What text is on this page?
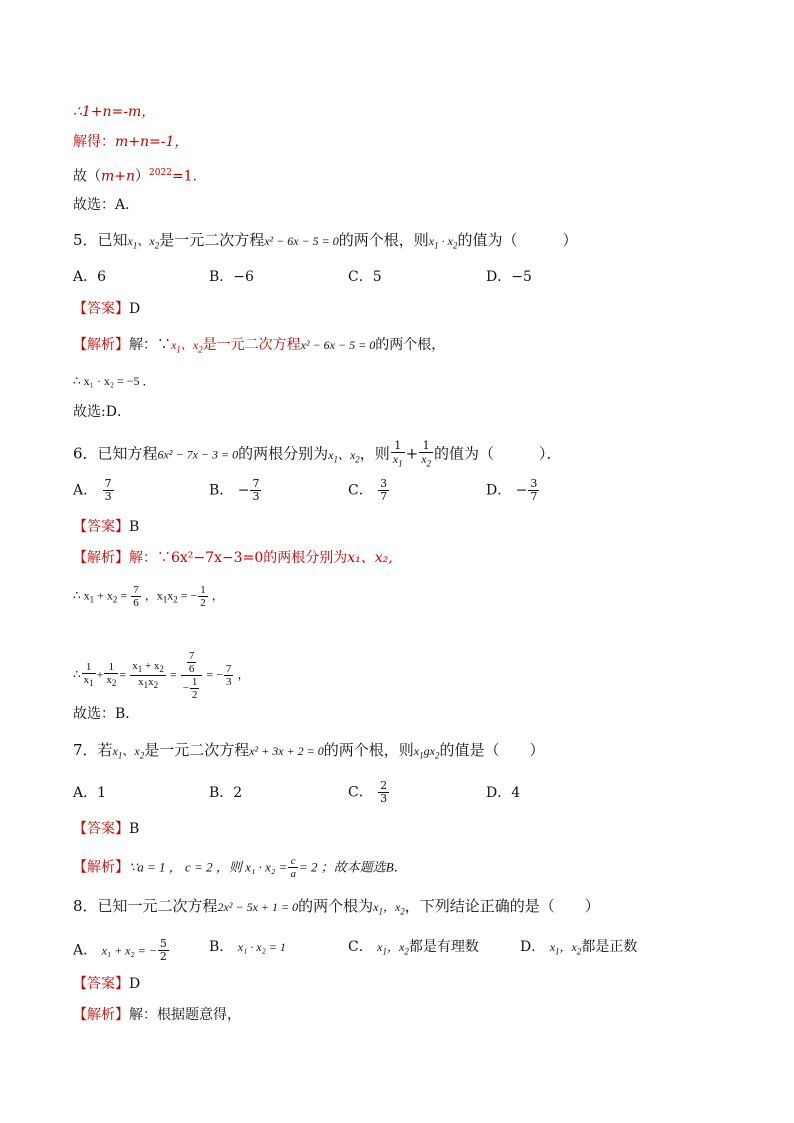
∴1+n=-m，
解得：m+n=-1，
故$(m+n)^{2022}=1$．
故选：A．
5．已知$x_1$、$x_2$是一元二次方程x² − 6x − 5 = 0的两个根，则$x_1 \cdot x_2$的值为（　　　）
A．6	B．−6	C．5	D．−5
【答案】D
【解析】解：$\because x_1$、$x_2$是一元二次方程x² − 6x − 5 = 0的两个根，
∴ x₁ · x₂ = −5 ．
故选:D．
6．已知方程6x² − 7x − 3 = 0的两根分别为$x_1$、$x_2$，则 $\frac{1}{x_1} + \frac{1}{x_2}$ 的值为（　　　）．
A． $\frac{7}{3}$	B． − $\frac{7}{3}$	C． $\frac{3}{7}$	D． − $\frac{3}{7}$
【答案】B
【解析】解：∵6x²−7x−3=0的两根分别为x₁、x₂,
∴ $x_1 + x_2 = \frac{7}{6}$ ，$x_1x_2$ = − $\frac{1}{2}$ ，
∴ $\frac{1}{x_1} + \frac{1}{x_2} = \frac{x_1 + x_2}{x_1x_2} = \frac{\frac{7}{6}}{- \frac{1}{2}}$ = − $\frac{7}{3}$ ，
故选：B．
7．若$x_1$、$x_2$是一元二次方程x² + 3x + 2 = 0的两个根，则$x_1gx_2$的值是（　　）
A．1	B．2	C． $\frac{2}{3}$	D．4
【答案】B
【解析】∵a = 1 ， c = 2 ，则 $x_1 \cdot x_2 = \frac{c}{a} = 2$ ；故本题选B．
8．已知一元二次方程2x² − 5x + 1 = 0的两个根为$x_1$，$x_2$，下列结论正确的是（　　）
A． x₁ + x₂ = − $\frac{5}{2}$	B． x₁ · x₂ = 1	C． $x_1$，$x_2$都是有理数	D． $x_1$，$x_2$都是正数
【答案】D
【解析】解：根据题意得，
